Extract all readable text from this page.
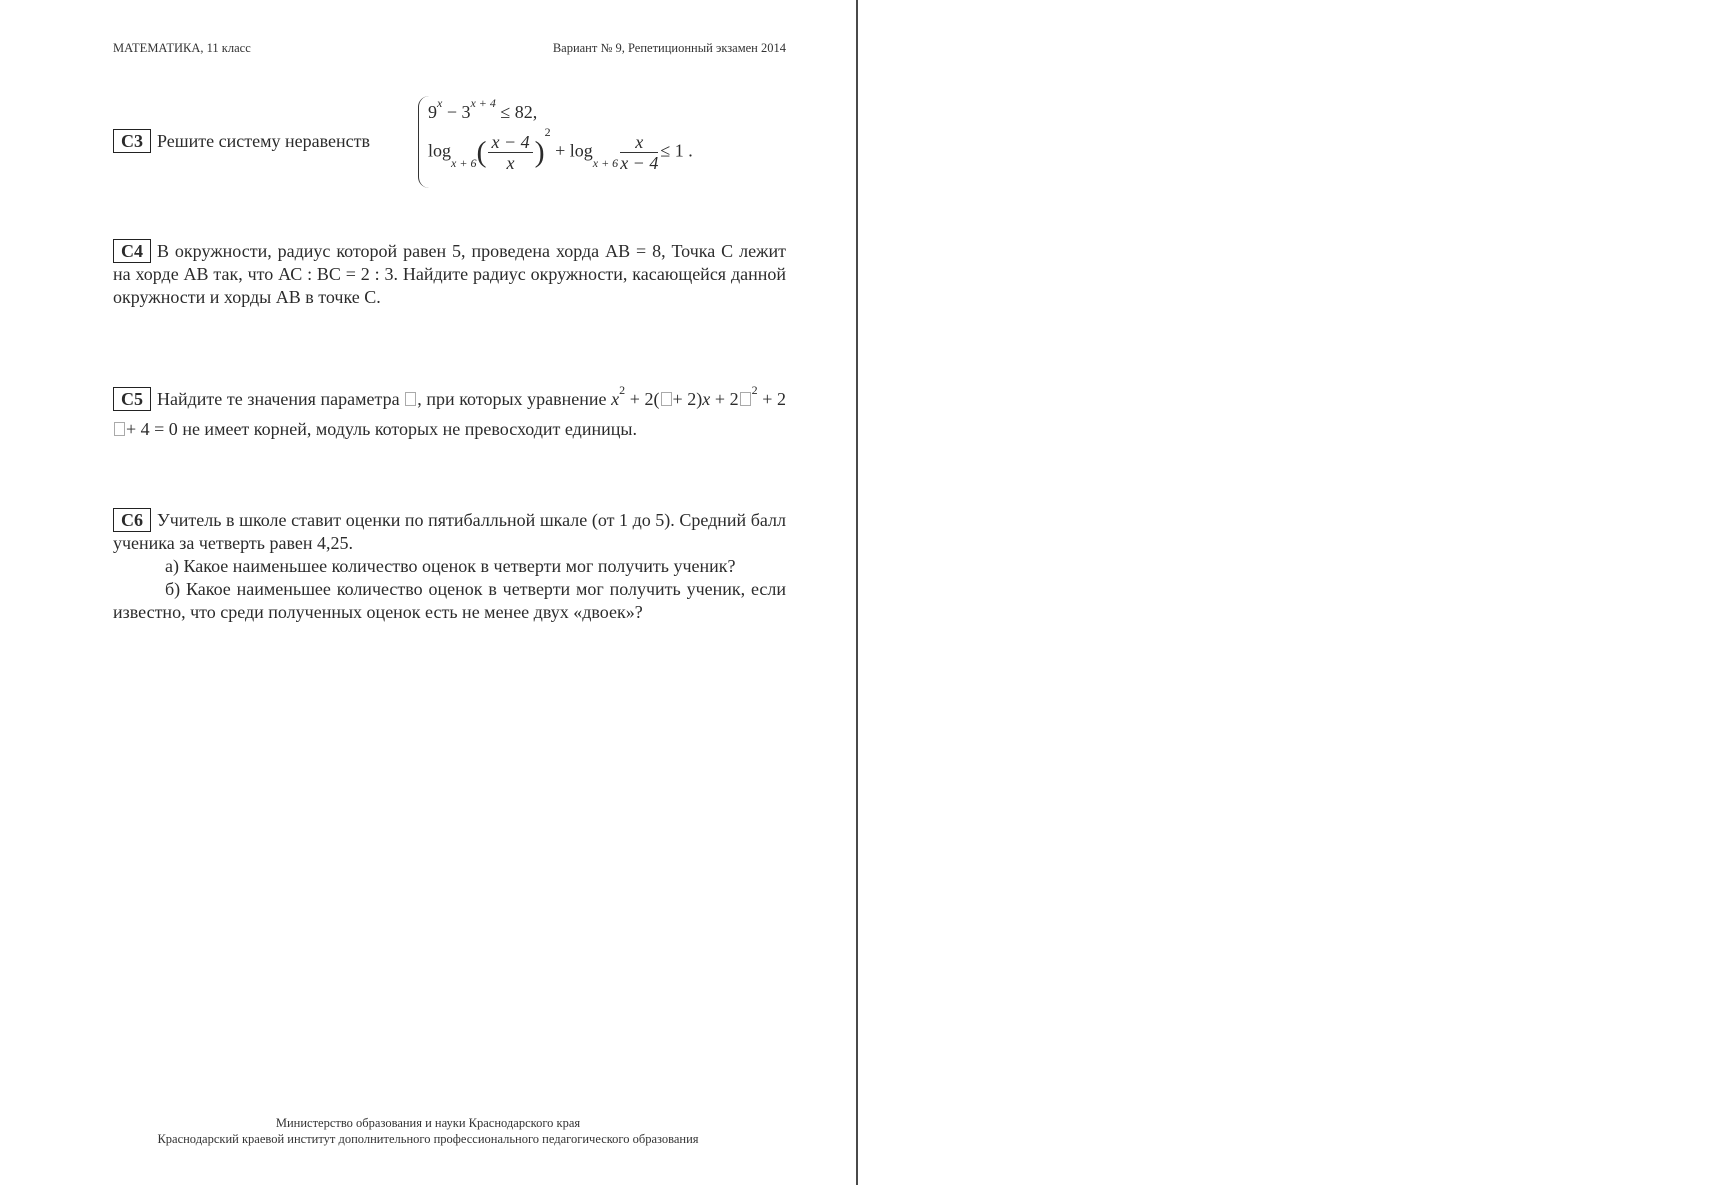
МАТЕМАТИКА, 11 класс	Вариант № 9, Репетиционный экзамен 2014
С3 Решите систему неравенств
$9^x - 3^{x + 4} \le 82$,
$\log_{x + 6}( \frac{x - 4}{x} )^2 + \log_{x + 6} \frac{x}{x - 4} \le 1$ .

С4 В окружности, радиус которой равен 5, проведена хорда АВ = 8, Точка С лежит на хорде АВ так, что АС : ВС = 2 : 3. Найдите радиус окружности, касающейся данной окружности и хорды АВ в точке С.

С5 Найдите те значения параметра , при которых уравнение $x^2 + 2( + 2)x + 2$ $^2$ + 2+ 4 = 0 не имеет корней, модуль которых не превосходит единицы.

С6 Учитель в школе ставит оценки по пятибалльной шкале (от 1 до 5). Средний балл ученика за четверть равен 4,25.

а) Какое наименьшее количество оценок в четверти мог получить ученик?

б) Какое наименьшее количество оценок в четверти мог получить ученик, если известно, что среди полученных оценок есть не менее двух «двоек»?

Министерство образования и науки Краснодарского края
Краснодарский краевой институт дополнительного профессионального педагогического образования
